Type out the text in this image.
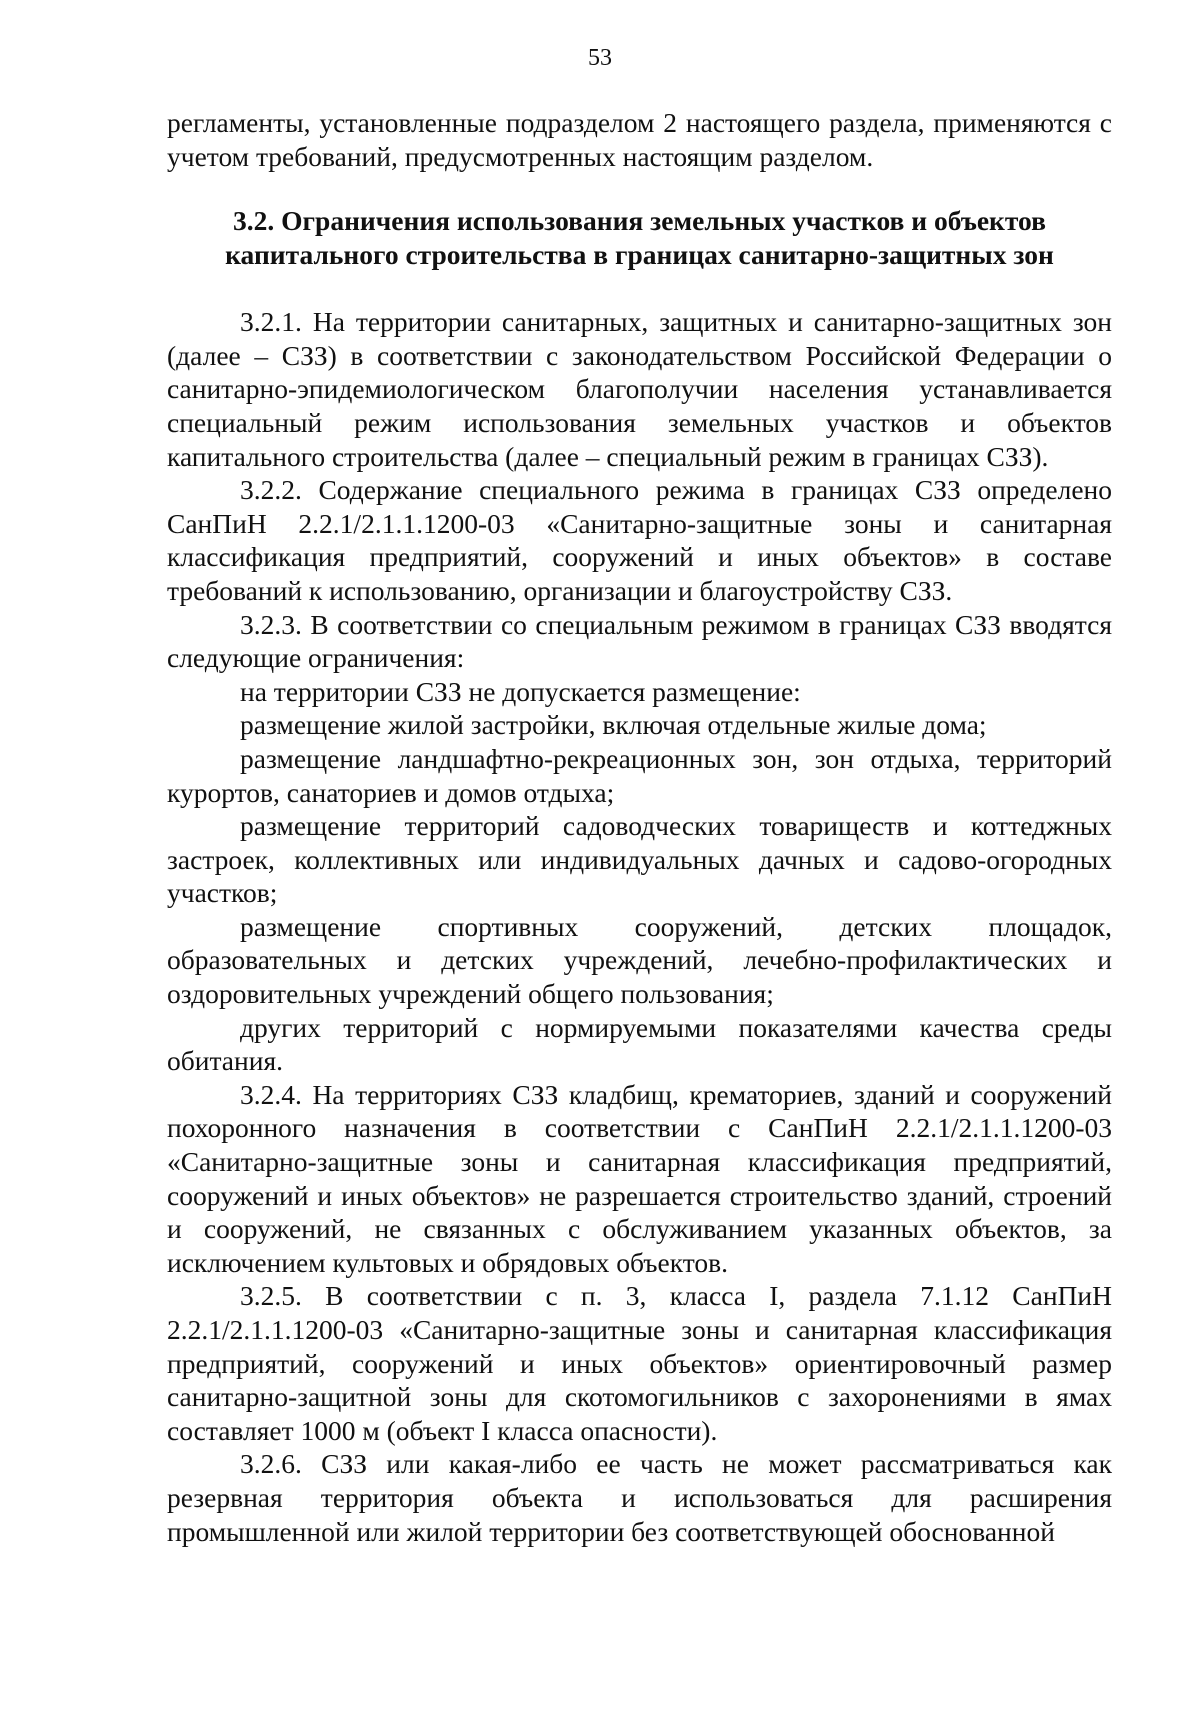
53

регламенты, установленные подразделом 2 настоящего раздела, применяются с учетом требований, предусмотренных настоящим разделом.

3.2. Ограничения использования земельных участков и объектов
капитального строительства в границах санитарно-защитных зон

3.2.1. На территории санитарных, защитных и санитарно-защитных зон (далее – СЗЗ) в соответствии с законодательством Российской Федерации о санитарно-эпидемиологическом благополучии населения устанавливается специальный режим использования земельных участков и объектов капитального строительства (далее – специальный режим в границах СЗЗ).

3.2.2. Содержание специального режима в границах СЗЗ определено СанПиН 2.2.1/2.1.1.1200-03 «Санитарно-защитные зоны и санитарная классификация предприятий, сооружений и иных объектов» в составе требований к использованию, организации и благоустройству СЗЗ.

3.2.3. В соответствии со специальным режимом в границах СЗЗ вводятся следующие ограничения:

на территории СЗЗ не допускается размещение:

размещение жилой застройки, включая отдельные жилые дома;

размещение ландшафтно-рекреационных зон, зон отдыха, территорий курортов, санаториев и домов отдыха;

размещение территорий садоводческих товариществ и коттеджных застроек, коллективных или индивидуальных дачных и садово-огородных участков;

размещение спортивных сооружений, детских площадок, образовательных и детских учреждений, лечебно-профилактических и оздоровительных учреждений общего пользования;

других территорий с нормируемыми показателями качества среды обитания.

3.2.4. На территориях СЗЗ кладбищ, крематориев, зданий и сооружений похоронного назначения в соответствии с СанПиН 2.2.1/2.1.1.1200-03 «Санитарно-защитные зоны и санитарная классификация предприятий, сооружений и иных объектов» не разрешается строительство зданий, строений и сооружений, не связанных с обслуживанием указанных объектов, за исключением культовых и обрядовых объектов.

3.2.5. В соответствии с п. 3, класса I, раздела 7.1.12 СанПиН 2.2.1/2.1.1.1200-03 «Санитарно-защитные зоны и санитарная классификация предприятий, сооружений и иных объектов» ориентировочный размер санитарно-защитной зоны для скотомогильников с захоронениями в ямах составляет 1000 м (объект I класса опасности).

3.2.6. СЗЗ или какая-либо ее часть не может рассматриваться как резервная территория объекта и использоваться для расширения промышленной или жилой территории без соответствующей обоснованной
